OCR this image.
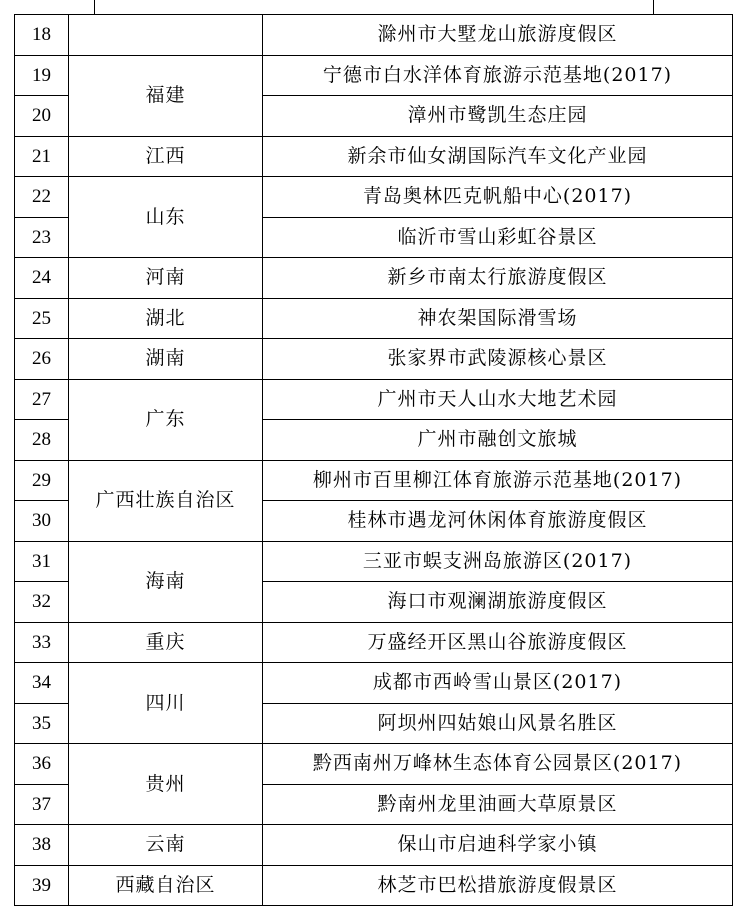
18		滁州市大墅龙山旅游度假区
19	福建	宁德市白水洋体育旅游示范基地(2017)
20		漳州市鹭凯生态庄园
21	江西	新余市仙女湖国际汽车文化产业园
22	山东	青岛奥林匹克帆船中心(2017)
23		临沂市雪山彩虹谷景区
24	河南	新乡市南太行旅游度假区
25	湖北	神农架国际滑雪场
26	湖南	张家界市武陵源核心景区
27	广东	广州市天人山水大地艺术园
28		广州市融创文旅城
29	广西壮族自治区	柳州市百里柳江体育旅游示范基地(2017)
30		桂林市遇龙河休闲体育旅游度假区
31	海南	三亚市蜈支洲岛旅游区(2017)
32		海口市观澜湖旅游度假区
33	重庆	万盛经开区黑山谷旅游度假区
34	四川	成都市西岭雪山景区(2017)
35		阿坝州四姑娘山风景名胜区
36	贵州	黔西南州万峰林生态体育公园景区(2017)
37		黔南州龙里油画大草原景区
38	云南	保山市启迪科学家小镇
39	西藏自治区	林芝市巴松措旅游度假景区
